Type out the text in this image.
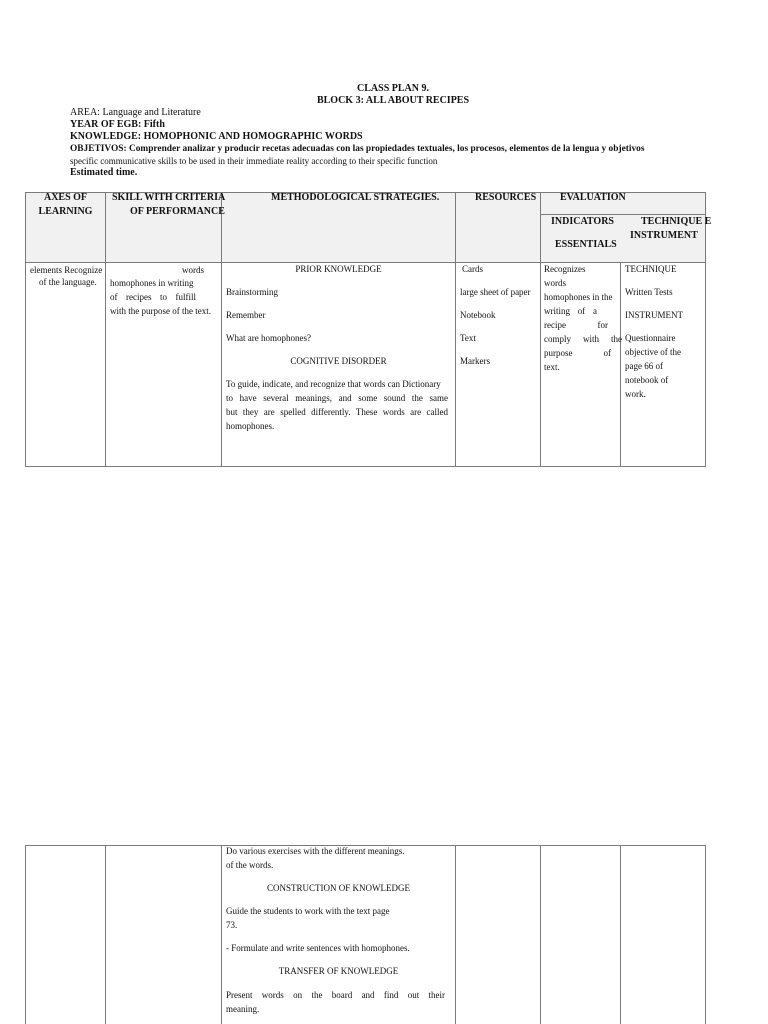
CLASS PLAN 9.
BLOCK 3: ALL ABOUT RECIPES
AREA: Language and Literature
YEAR OF EGB: Fifth
KNOWLEDGE: HOMOPHONIC AND HOMOGRAPHIC WORDS
OBJETIVOS: Comprender analizar y producir recetas adecuadas con las propiedades textuales, los procesos, elementos de la lengua y objetivos
specific communicative skills to be used in their immediate reality according to their specific function
Estimated time.
AXES OF
LEARNING
SKILL WITH CRITERIA
OF PERFORMANCE
METHODOLOGICAL STRATEGIES.	RESOURCES EVALUATION
INDICATORS
ESSENTIALS
TECHNIQUE E
INSTRUMENT
elements Recognize
of the language.
words
homophones in writing
of recipes to fulfill
with the purpose of the text.
PRIOR KNOWLEDGE
Brainstorming
Remember
What are homophones?
COGNITIVE DISORDER
To guide, indicate, and recognize that words can Dictionary
to have several meanings, and some sound the same
but they are spelled differently. These words are called
homophones.
Cards
large sheet of paper
Notebook
Text
Markers
Recognizes
words
homophones in the
writing of a
recipe for
comply with the
purpose of
text.
TECHNIQUE
Written Tests
INSTRUMENT
Questionnaire
objective of the
page 66 of
notebook of
work.
Do various exercises with the different meanings.
of the words.
CONSTRUCTION OF KNOWLEDGE
Guide the students to work with the text page
73.
- Formulate and write sentences with homophones.
TRANSFER OF KNOWLEDGE
Present words on the board and find out their
meaning.
